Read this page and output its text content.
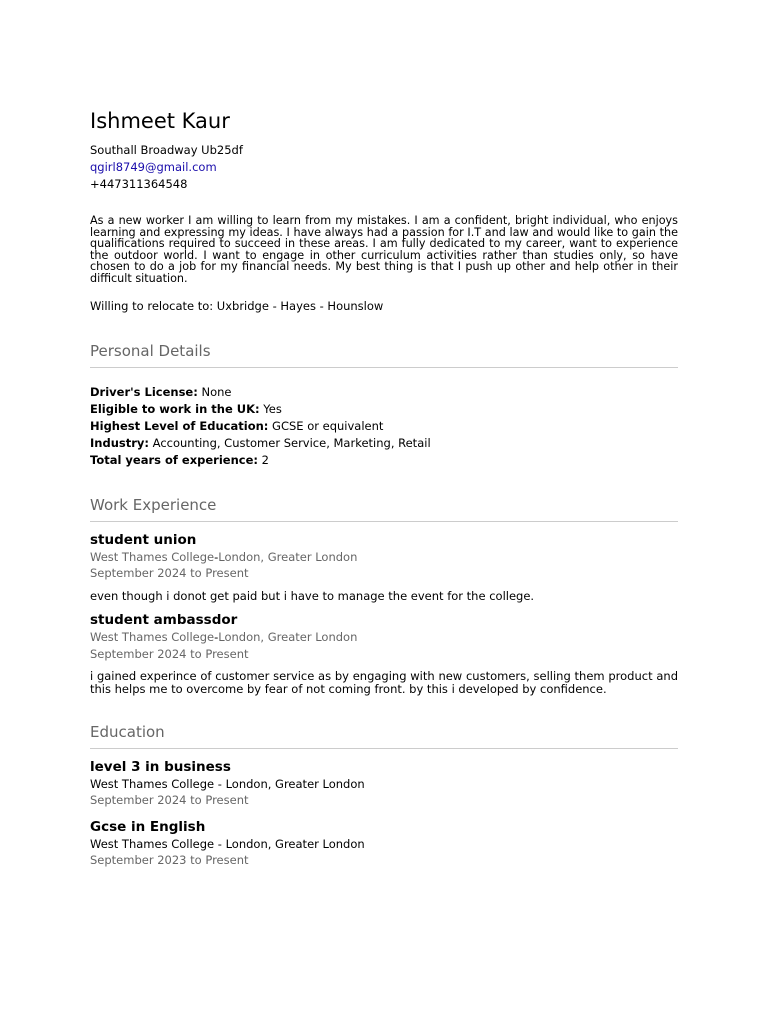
Ishmeet Kaur

Southall Broadway Ub25df

qgirl8749@gmail.com

+447311364548

As a new worker I am willing to learn from my mistakes. I am a confident, bright individual, who enjoys learning and expressing my ideas. I have always had a passion for I.T and law and would like to gain the qualifications required to succeed in these areas. I am fully dedicated to my career, want to experience the outdoor world. I want to engage in other curriculum activities rather than studies only, so have chosen to do a job for my financial needs. My best thing is that I push up other and help other in their difficult situation.

Willing to relocate to: Uxbridge - Hayes - Hounslow

Personal Details

Driver's License: None

Eligible to work in the UK: Yes

Highest Level of Education: GCSE or equivalent

Industry: Accounting, Customer Service, Marketing, Retail

Total years of experience: 2

Work Experience

student union

West Thames College-London, Greater London

September 2024 to Present

even though i donot get paid but i have to manage the event for the college.

student ambassdor

West Thames College-London, Greater London

September 2024 to Present

i gained experince of customer service as by engaging with new customers, selling them product and this helps me to overcome by fear of not coming front. by this i developed by confidence.

Education

level 3 in business

West Thames College - London, Greater London

September 2024 to Present

Gcse in English

West Thames College - London, Greater London

September 2023 to Present
